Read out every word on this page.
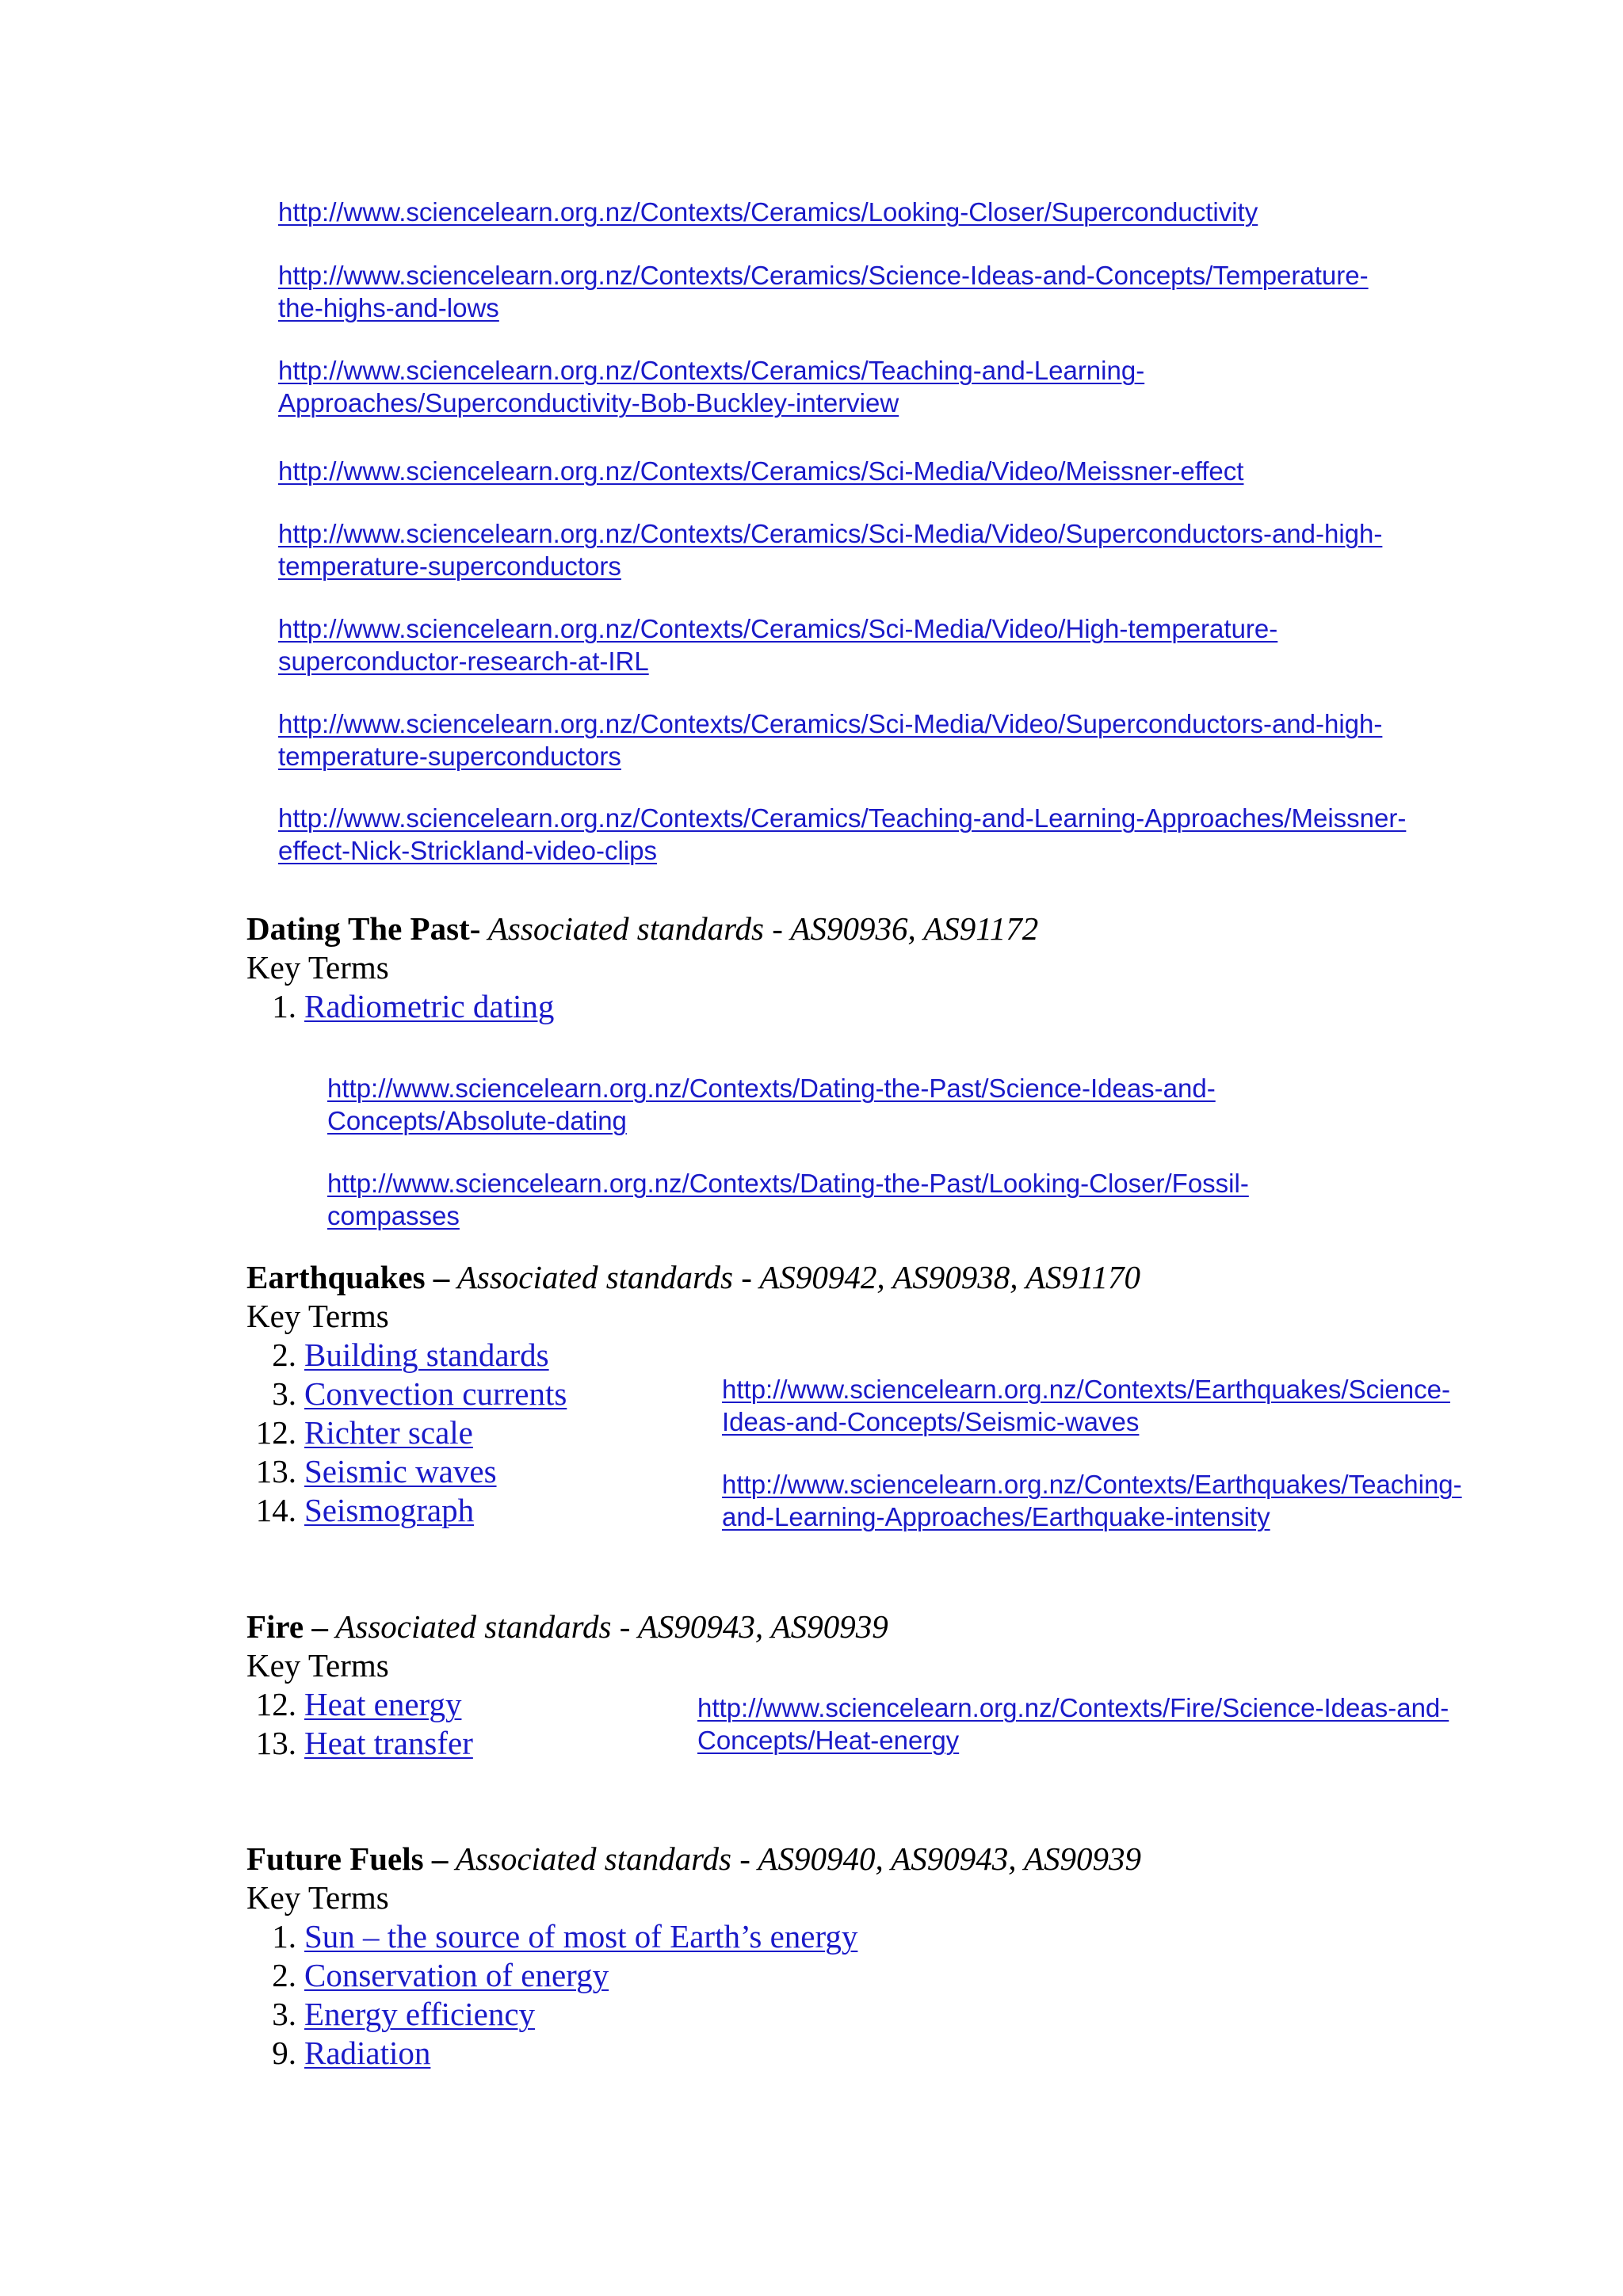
http://www.sciencelearn.org.nz/Contexts/Ceramics/Looking-Closer/Superconductivity
http://www.sciencelearn.org.nz/Contexts/Ceramics/Science-Ideas-and-Concepts/Temperature-
the-highs-and-lows
http://www.sciencelearn.org.nz/Contexts/Ceramics/Teaching-and-Learning-
Approaches/Superconductivity-Bob-Buckley-interview
http://www.sciencelearn.org.nz/Contexts/Ceramics/Sci-Media/Video/Meissner-effect
http://www.sciencelearn.org.nz/Contexts/Ceramics/Sci-Media/Video/Superconductors-and-high-
temperature-superconductors
http://www.sciencelearn.org.nz/Contexts/Ceramics/Sci-Media/Video/High-temperature-
superconductor-research-at-IRL
http://www.sciencelearn.org.nz/Contexts/Ceramics/Sci-Media/Video/Superconductors-and-high-
temperature-superconductors
http://www.sciencelearn.org.nz/Contexts/Ceramics/Teaching-and-Learning-Approaches/Meissner-
effect-Nick-Strickland-video-clips
Dating The Past- Associated standards - AS90936, AS91172
Key Terms
1. Radiometric dating
http://www.sciencelearn.org.nz/Contexts/Dating-the-Past/Science-Ideas-and-
Concepts/Absolute-dating
http://www.sciencelearn.org.nz/Contexts/Dating-the-Past/Looking-Closer/Fossil-
compasses
Earthquakes – Associated standards - AS90942, AS90938, AS91170
Key Terms
2. Building standards
3. Convection currents
12. Richter scale
13. Seismic waves
14. Seismograph
http://www.sciencelearn.org.nz/Contexts/Earthquakes/Science-
Ideas-and-Concepts/Seismic-waves
http://www.sciencelearn.org.nz/Contexts/Earthquakes/Teaching-
and-Learning-Approaches/Earthquake-intensity
Fire – Associated standards - AS90943, AS90939
Key Terms
12. Heat energy
13. Heat transfer
http://www.sciencelearn.org.nz/Contexts/Fire/Science-Ideas-and-
Concepts/Heat-energy
Future Fuels – Associated standards - AS90940, AS90943, AS90939
Key Terms
1. Sun – the source of most of Earth’s energy
2. Conservation of energy
3. Energy efficiency
9. Radiation
